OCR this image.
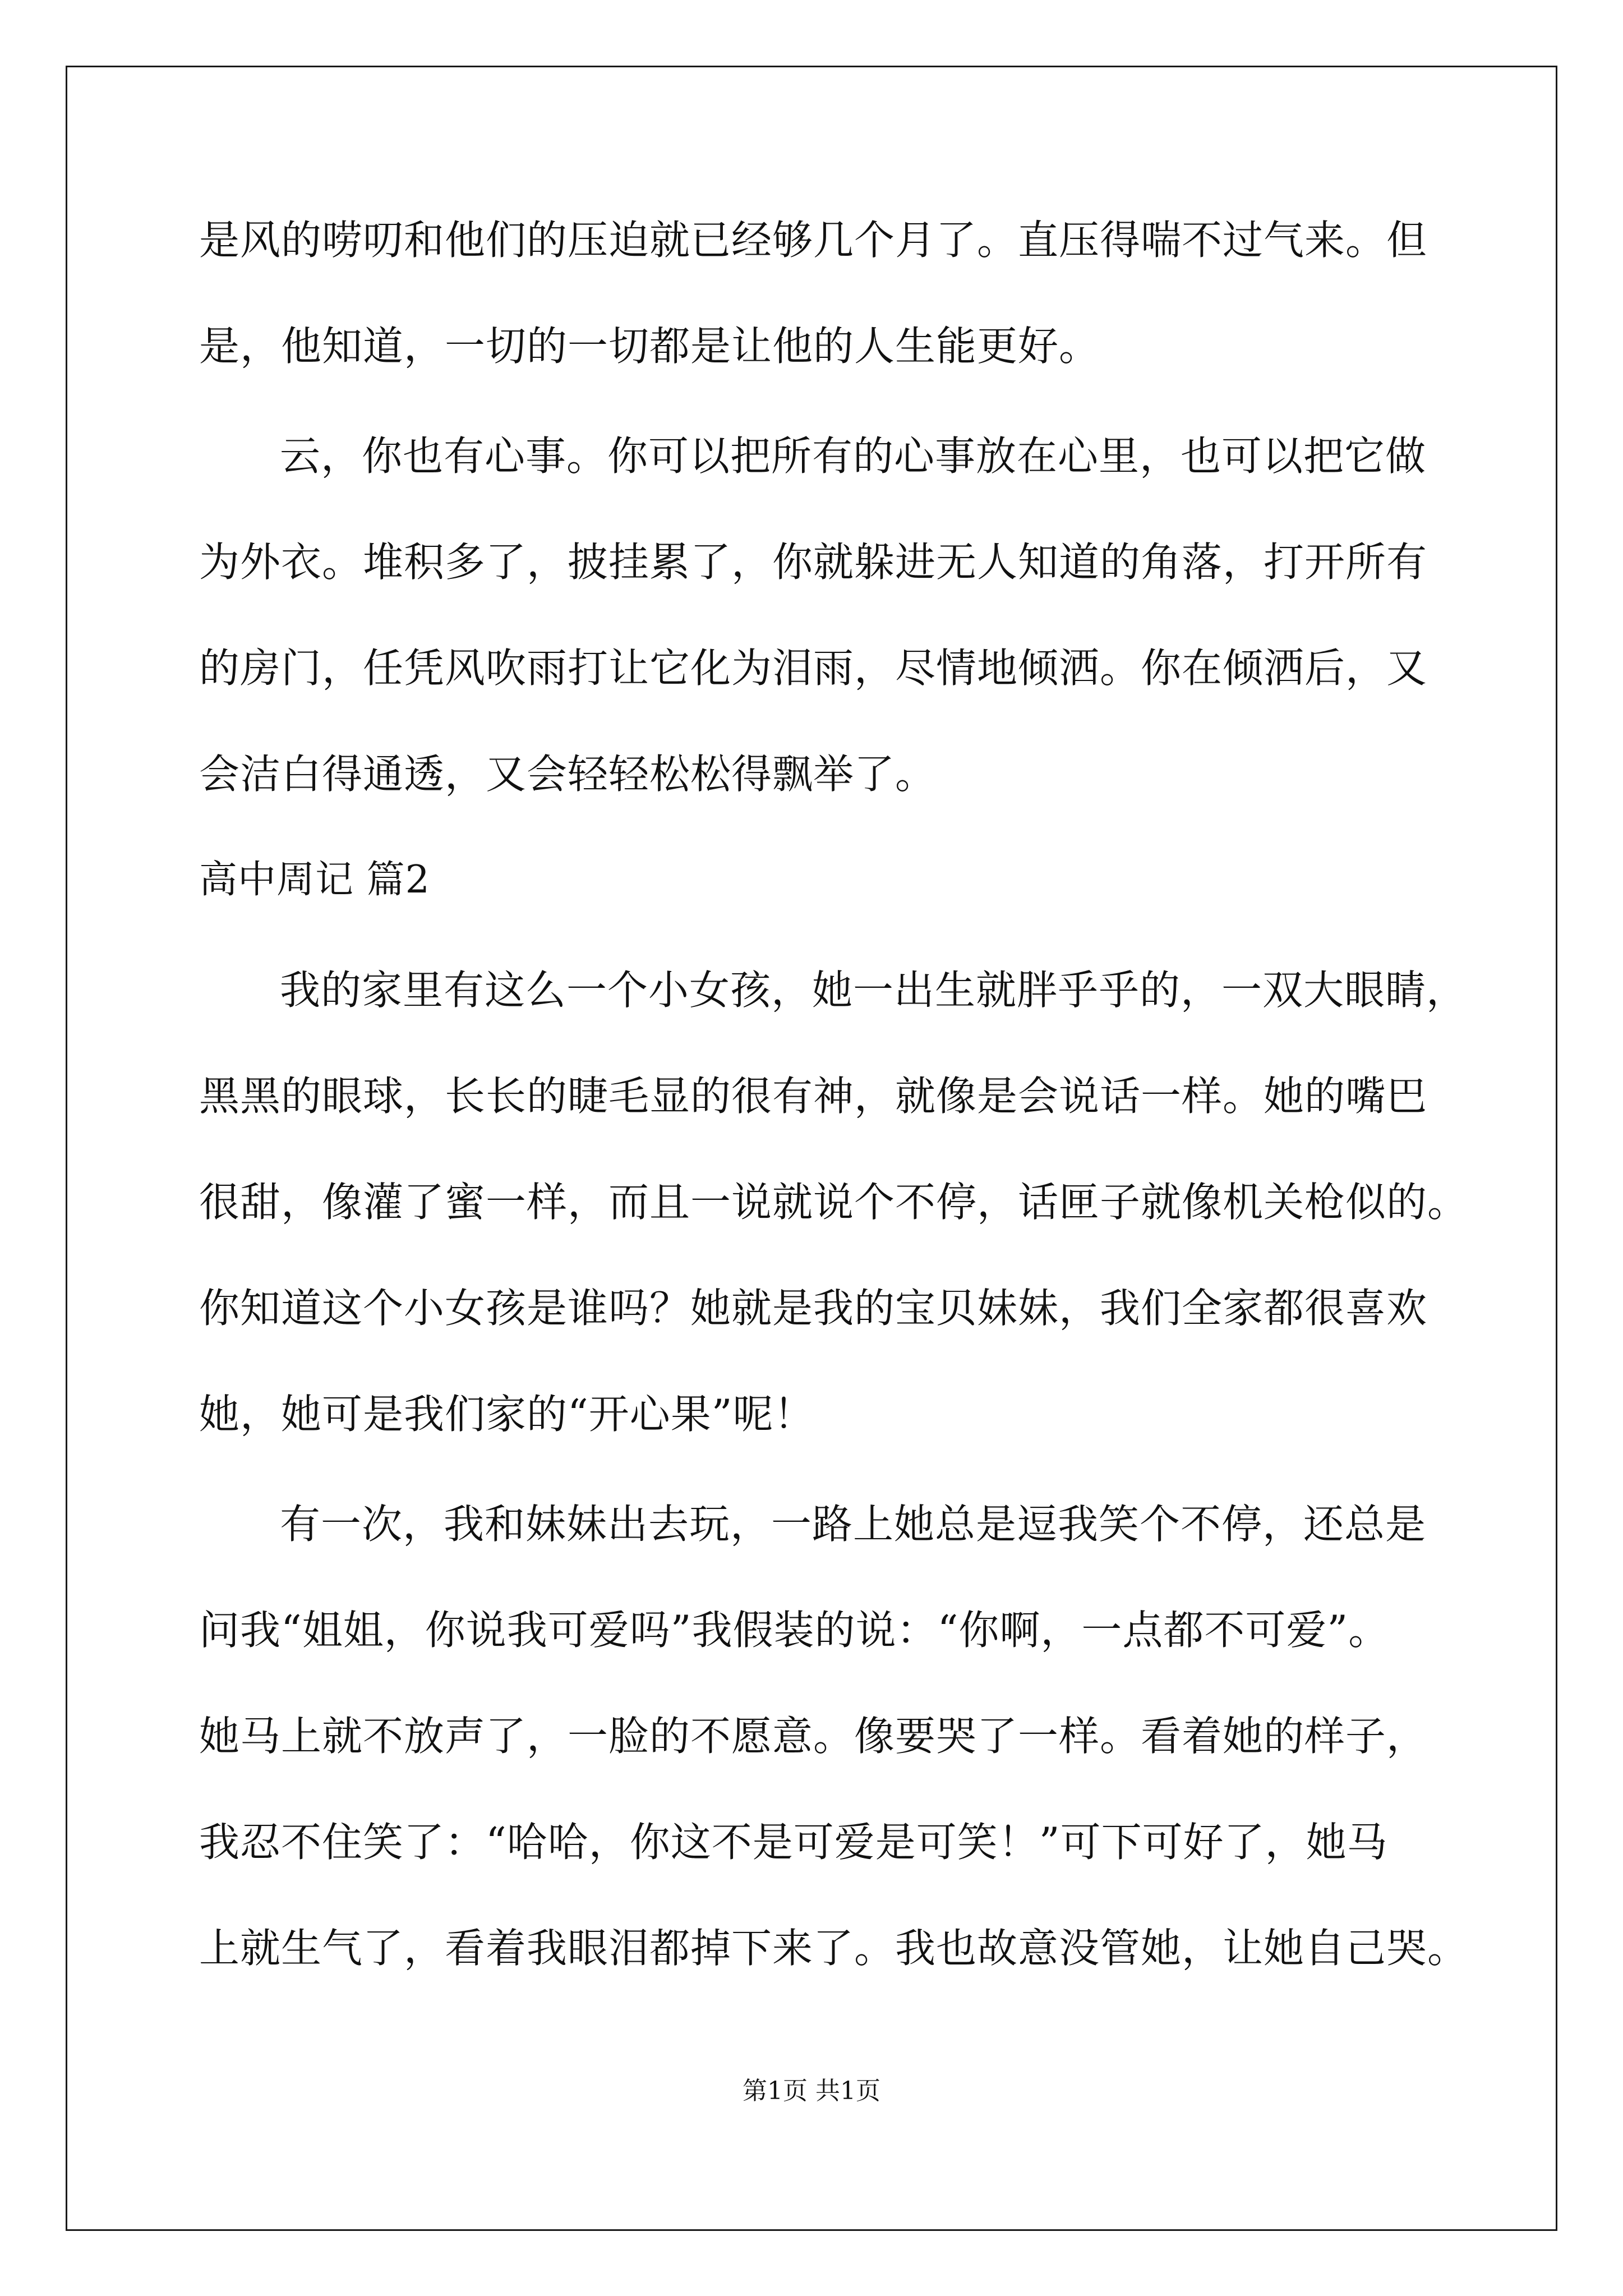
是风的唠叨和他们的压迫就已经够几个月了。直压得喘不过气来。但
是，他知道，一切的一切都是让他的人生能更好。
云，你也有心事。你可以把所有的心事放在心里，也可以把它做
为外衣。堆积多了，披挂累了，你就躲进无人知道的角落，打开所有
的房门，任凭风吹雨打让它化为泪雨，尽情地倾洒。你在倾洒后，又
会洁白得通透，又会轻轻松松得飘举了。
高中周记 篇2
我的家里有这么一个小女孩，她一出生就胖乎乎的，一双大眼睛，
黑黑的眼球，长长的睫毛显的很有神，就像是会说话一样。她的嘴巴
很甜，像灌了蜜一样，而且一说就说个不停，话匣子就像机关枪似的。
你知道这个小女孩是谁吗？她就是我的宝贝妹妹，我们全家都很喜欢
她，她可是我们家的“开心果”呢！
有一次，我和妹妹出去玩，一路上她总是逗我笑个不停，还总是
问我“姐姐，你说我可爱吗”我假装的说：“你啊，一点都不可爱”。
她马上就不放声了，一脸的不愿意。像要哭了一样。看着她的样子，
我忍不住笑了：“哈哈，你这不是可爱是可笑！”可下可好了，她马
上就生气了，看着我眼泪都掉下来了。我也故意没管她，让她自己哭。
第1页 共1页
